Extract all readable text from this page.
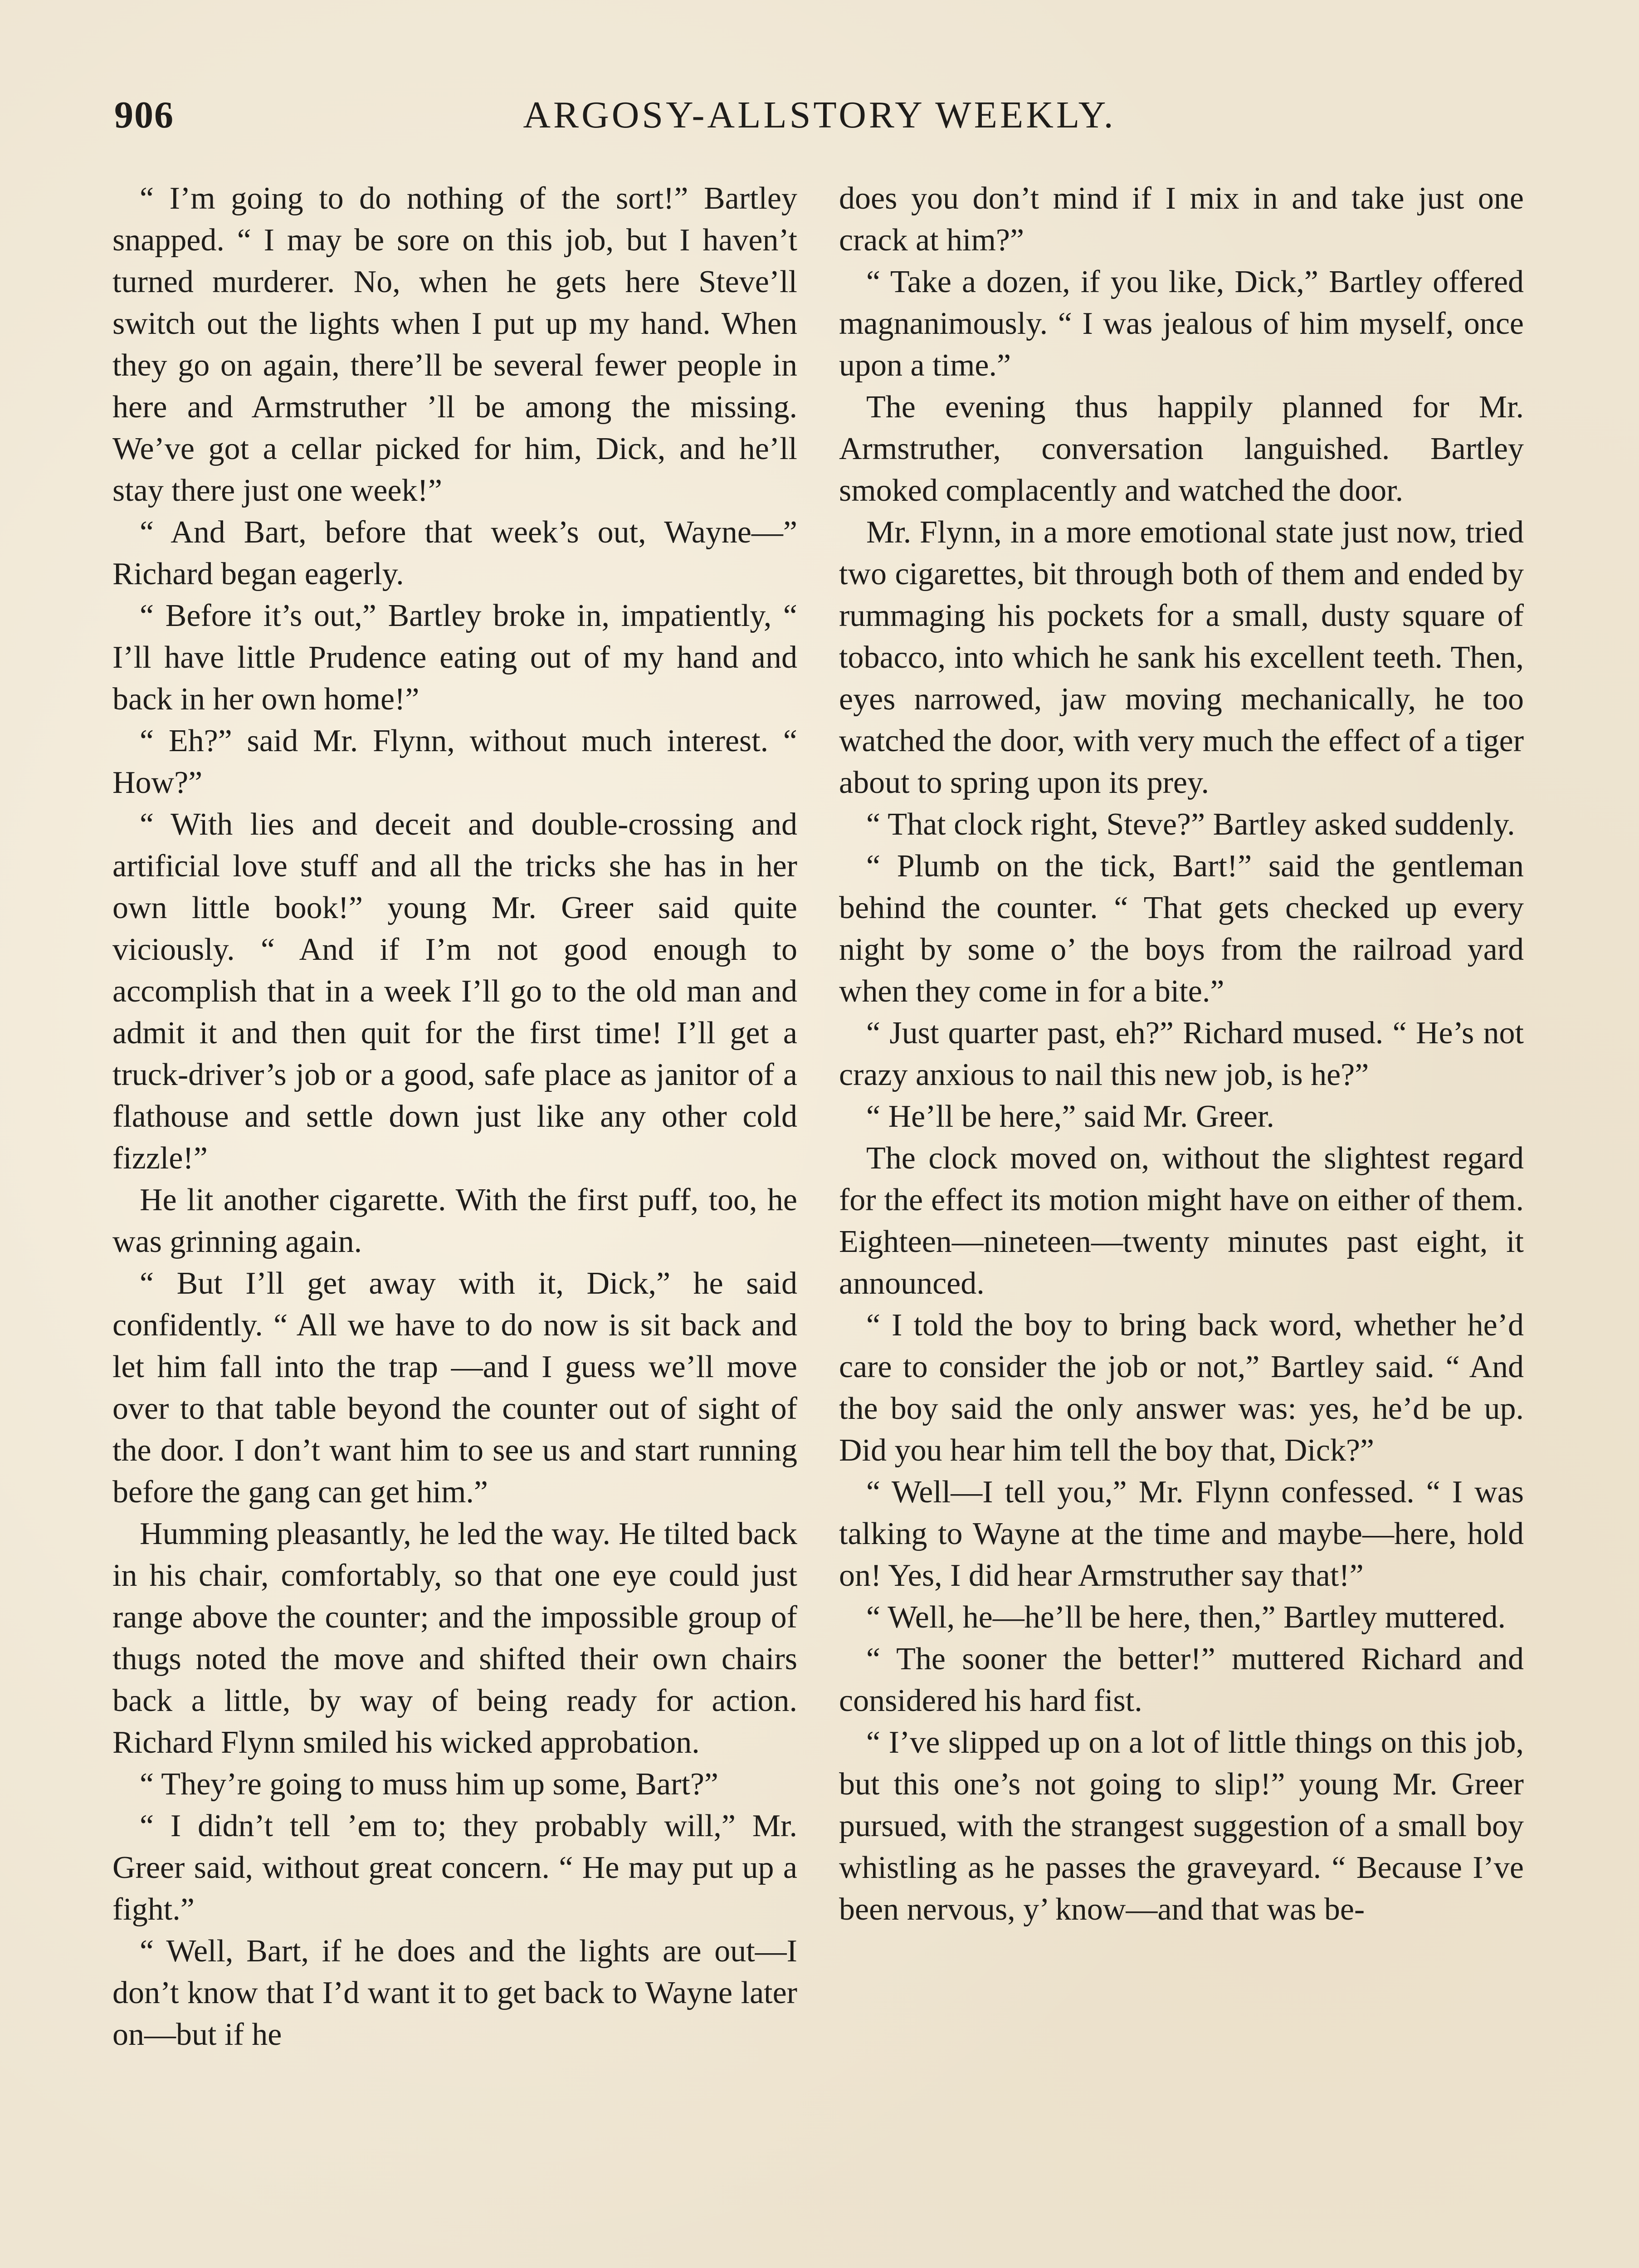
906	ARGOSY-ALLSTORY WEEKLY.

“ I’m going to do nothing of the sort!” Bartley snapped. “ I may be sore on this job, but I haven’t turned murderer. No, when he gets here Steve’ll switch out the lights when I put up my hand. When they go on again, there’ll be several fewer people in here and Armstruther ’ll be among the missing. We’ve got a cellar picked for him, Dick, and he’ll stay there just one week!”

“ And Bart, before that week’s out, Wayne—” Richard began eagerly.

“ Before it’s out,” Bartley broke in, impatiently, “ I’ll have little Prudence eating out of my hand and back in her own home!”

“ Eh?” said Mr. Flynn, without much interest. “ How?”

“ With lies and deceit and double-crossing and artificial love stuff and all the tricks she has in her own little book!” young Mr. Greer said quite viciously. “ And if I’m not good enough to accomplish that in a week I’ll go to the old man and admit it and then quit for the first time! I’ll get a truck-driver’s job or a good, safe place as janitor of a flathouse and settle down just like any other cold fizzle!”

He lit another cigarette. With the first puff, too, he was grinning again.

“ But I’ll get away with it, Dick,” he said confidently. “ All we have to do now is sit back and let him fall into the trap —and I guess we’ll move over to that table beyond the counter out of sight of the door. I don’t want him to see us and start running before the gang can get him.”

Humming pleasantly, he led the way. He tilted back in his chair, comfortably, so that one eye could just range above the counter; and the impossible group of thugs noted the move and shifted their own chairs back a little, by way of being ready for action. Richard Flynn smiled his wicked approbation.

“ They’re going to muss him up some, Bart?”

“ I didn’t tell ’em to; they probably will,” Mr. Greer said, without great concern. “ He may put up a fight.”

“ Well, Bart, if he does and the lights are out—I don’t know that I’d want it to get back to Wayne later on—but if he

does you don’t mind if I mix in and take just one crack at him?”

“ Take a dozen, if you like, Dick,” Bartley offered magnanimously. “ I was jealous of him myself, once upon a time.”

The evening thus happily planned for Mr. Armstruther, conversation languished. Bartley smoked complacently and watched the door.

Mr. Flynn, in a more emotional state just now, tried two cigarettes, bit through both of them and ended by rummaging his pockets for a small, dusty square of tobacco, into which he sank his excellent teeth. Then, eyes narrowed, jaw moving mechanically, he too watched the door, with very much the effect of a tiger about to spring upon its prey.

“ That clock right, Steve?” Bartley asked suddenly.

“ Plumb on the tick, Bart!” said the gentleman behind the counter. “ That gets checked up every night by some o’ the boys from the railroad yard when they come in for a bite.”

“ Just quarter past, eh?” Richard mused. “ He’s not crazy anxious to nail this new job, is he?”

“ He’ll be here,” said Mr. Greer.

The clock moved on, without the slightest regard for the effect its motion might have on either of them. Eighteen—nineteen—twenty minutes past eight, it announced.

“ I told the boy to bring back word, whether he’d care to consider the job or not,” Bartley said. “ And the boy said the only answer was: yes, he’d be up. Did you hear him tell the boy that, Dick?”

“ Well—I tell you,” Mr. Flynn confessed. “ I was talking to Wayne at the time and maybe—here, hold on! Yes, I did hear Armstruther say that!”

“ Well, he—he’ll be here, then,” Bartley muttered.

“ The sooner the better!” muttered Richard and considered his hard fist.

“ I’ve slipped up on a lot of little things on this job, but this one’s not going to slip!” young Mr. Greer pursued, with the strangest suggestion of a small boy whistling as he passes the graveyard. “ Because I’ve been nervous, y’ know—and that was be-
